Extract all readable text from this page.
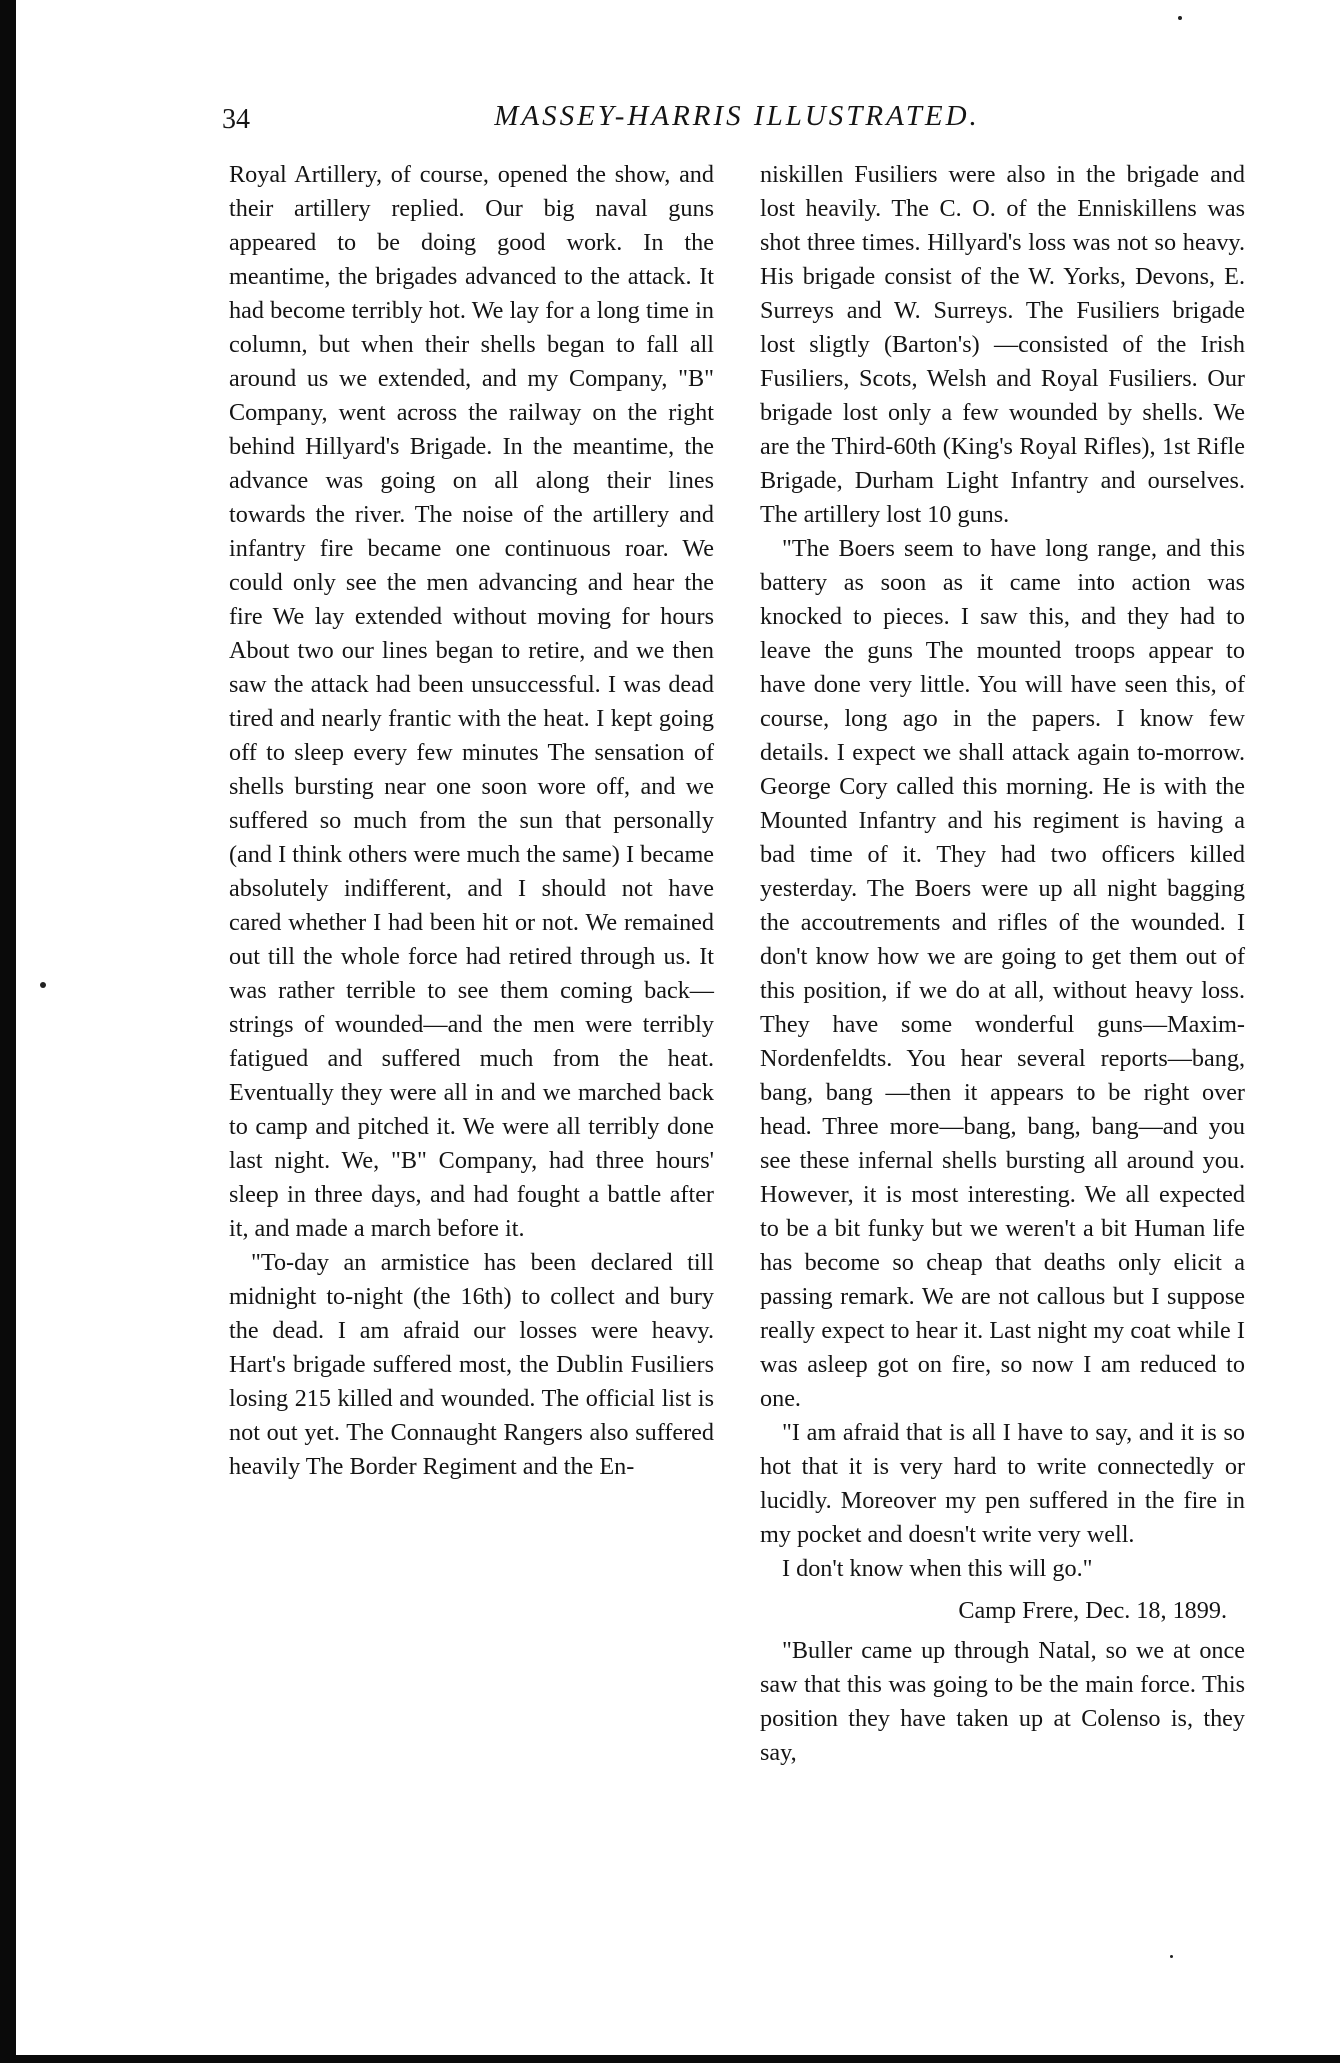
34	MASSEY-HARRIS ILLUSTRATED.

Royal Artillery, of course, opened the show, and their artillery replied. Our big naval guns appeared to be doing good work. In the meantime, the brigades advanced to the attack. It had become terribly hot. We lay for a long time in column, but when their shells began to fall all around us we extended, and my Company, "B" Company, went across the railway on the right behind Hillyard's Brigade. In the meantime, the advance was going on all along their lines towards the river. The noise of the artillery and infantry fire became one continuous roar. We could only see the men advancing and hear the fire We lay extended without moving for hours About two our lines began to retire, and we then saw the attack had been unsuccessful. I was dead tired and nearly frantic with the heat. I kept going off to sleep every few minutes The sensation of shells bursting near one soon wore off, and we suffered so much from the sun that personally (and I think others were much the same) I became absolutely indifferent, and I should not have cared whether I had been hit or not. We remained out till the whole force had retired through us. It was rather terrible to see them coming back—strings of wounded—and the men were terribly fatigued and suffered much from the heat. Eventually they were all in and we marched back to camp and pitched it. We were all terribly done last night. We, "B" Company, had three hours' sleep in three days, and had fought a battle after it, and made a march before it.

"To-day an armistice has been declared till midnight to-night (the 16th) to collect and bury the dead. I am afraid our losses were heavy. Hart's brigade suffered most, the Dublin Fusiliers losing 215 killed and wounded. The official list is not out yet. The Connaught Rangers also suffered heavily The Border Regiment and the En-

niskillen Fusiliers were also in the brigade and lost heavily. The C. O. of the Enniskillens was shot three times. Hillyard's loss was not so heavy. His brigade consist of the W. Yorks, Devons, E. Surreys and W. Surreys. The Fusiliers brigade lost sligtly (Barton's) —consisted of the Irish Fusiliers, Scots, Welsh and Royal Fusiliers. Our brigade lost only a few wounded by shells. We are the Third-60th (King's Royal Rifles), 1st Rifle Brigade, Durham Light Infantry and ourselves. The artillery lost 10 guns.

"The Boers seem to have long range, and this battery as soon as it came into action was knocked to pieces. I saw this, and they had to leave the guns The mounted troops appear to have done very little. You will have seen this, of course, long ago in the papers. I know few details. I expect we shall attack again to-morrow. George Cory called this morning. He is with the Mounted Infantry and his regiment is having a bad time of it. They had two officers killed yesterday. The Boers were up all night bagging the accoutrements and rifles of the wounded. I don't know how we are going to get them out of this position, if we do at all, without heavy loss. They have some wonderful guns—Maxim-Nordenfeldts. You hear several reports—bang, bang, bang —then it appears to be right over head. Three more—bang, bang, bang—and you see these infernal shells bursting all around you. However, it is most interesting. We all expected to be a bit funky but we weren't a bit Human life has become so cheap that deaths only elicit a passing remark. We are not callous but I suppose really expect to hear it. Last night my coat while I was asleep got on fire, so now I am reduced to one.

"I am afraid that is all I have to say, and it is so hot that it is very hard to write connectedly or lucidly. Moreover my pen suffered in the fire in my pocket and doesn't write very well.

I don't know when this will go."

Camp Frere, Dec. 18, 1899.

"Buller came up through Natal, so we at once saw that this was going to be the main force. This position they have taken up at Colenso is, they say,
